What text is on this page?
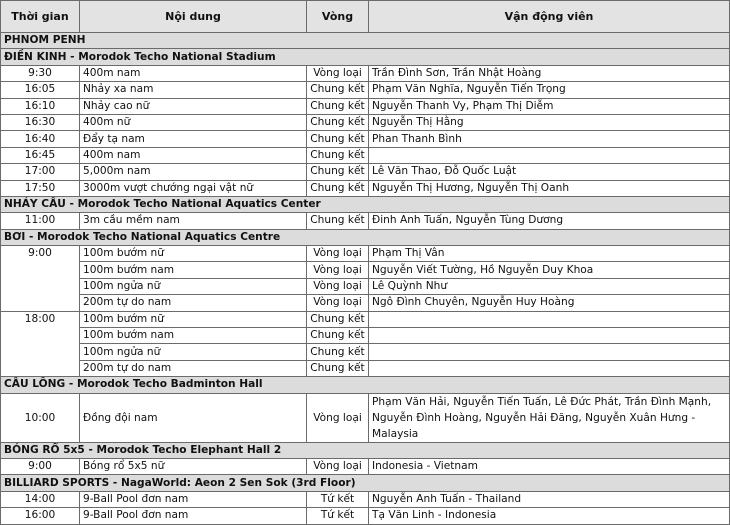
Thời gian	Nội dung	Vòng	Vận động viên
PHNOM PENH			
ĐIỀN KINH - Morodok Techo National Stadium			
9:30	400m nam	Vòng loại	Trần Đình Sơn, Trần Nhật Hoàng
16:05	Nhảy xa nam	Chung kết	Phạm Văn Nghĩa, Nguyễn Tiến Trọng
16:10	Nhảy cao nữ	Chung kết	Nguyễn Thanh Vy, Phạm Thị Diễm
16:30	400m nữ	Chung kết	Nguyễn Thị Hằng
16:40	Đẩy tạ nam	Chung kết	Phan Thanh Bình
16:45	400m nam	Chung kết	
17:00	5,000m nam	Chung kết	Lê Văn Thao, Đỗ Quốc Luật
17:50	3000m vượt chướng ngại vật nữ	Chung kết	Nguyễn Thị Hương, Nguyễn Thị Oanh
NHẢY CẦU - Morodok Techo National Aquatics Center			
11:00	3m cầu mềm nam	Chung kết	Đinh Anh Tuấn, Nguyễn Tùng Dương
BƠI - Morodok Techo National Aquatics Centre			
9:00	100m bướm nữ	Vòng loại	Phạm Thị Vân
	100m bướm nam	Vòng loại	Nguyễn Viết Tường, Hồ Nguyễn Duy Khoa
	100m ngửa nữ	Vòng loại	Lê Quỳnh Như
	200m tự do nam	Vòng loại	Ngô Đình Chuyên, Nguyễn Huy Hoàng
18:00	100m bướm nữ	Chung kết	
	100m bướm nam	Chung kết	
	100m ngửa nữ	Chung kết	
	200m tự do nam	Chung kết	
CẦU LÔNG - Morodok Techo Badminton Hall			
10:00	Đồng đội nam	Vòng loại	Phạm Văn Hải, Nguyễn Tiến Tuấn, Lê Đức Phát, Trần Đình Mạnh, Nguyễn Đình Hoàng, Nguyễn Hải Đăng, Nguyễn Xuân Hưng - Malaysia
BÓNG RỔ 5x5 - Morodok Techo Elephant Hall 2			
9:00	Bóng rổ 5x5 nữ	Vòng loại	Indonesia - Vietnam
BILLIARD SPORTS - NagaWorld: Aeon 2 Sen Sok (3rd Floor)			
14:00	9-Ball Pool đơn nam	Tứ kết	Nguyễn Anh Tuấn - Thailand
16:00	9-Ball Pool đơn nam	Tứ kết	Tạ Văn Linh - Indonesia
